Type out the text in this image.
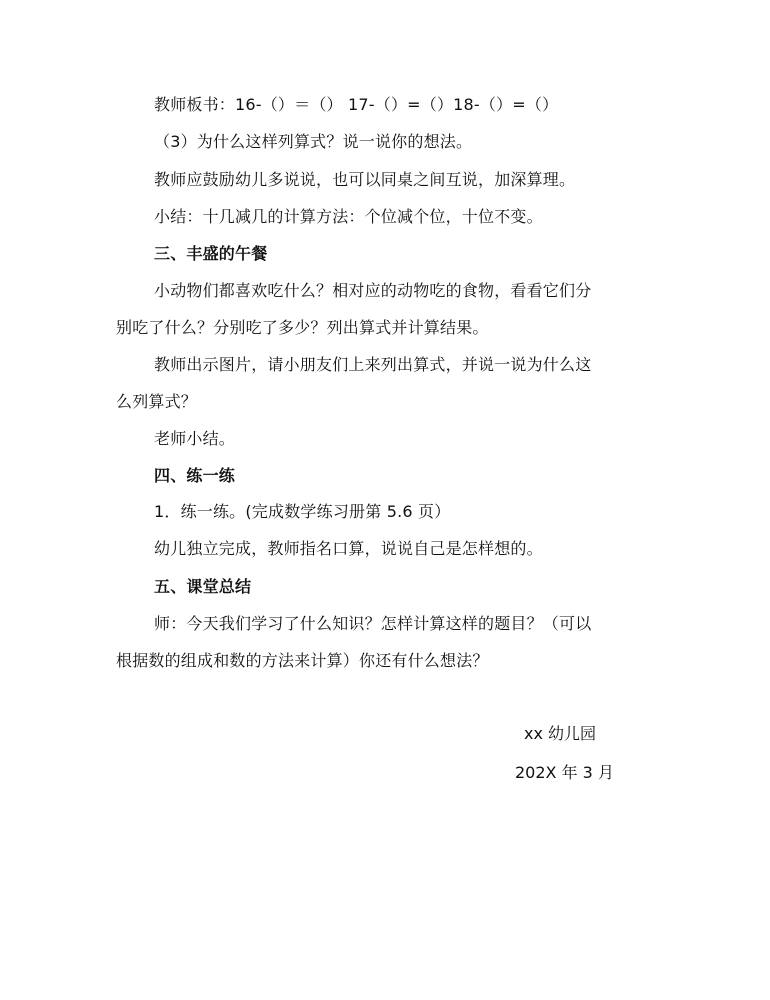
教师板书：16-（）＝（） 17-（）=（）18-（）=（）
（3）为什么这样列算式？说一说你的想法。
教师应鼓励幼儿多说说，也可以同桌之间互说，加深算理。
小结：十几减几的计算方法：个位减个位，十位不变。
三、丰盛的午餐
小动物们都喜欢吃什么？相对应的动物吃的食物，看看它们分
别吃了什么？分别吃了多少？列出算式并计算结果。
教师出示图片，请小朋友们上来列出算式，并说一说为什么这
么列算式？
老师小结。
四、练一练
1．练一练。(完成数学练习册第 5.6 页）
幼儿独立完成，教师指名口算，说说自己是怎样想的。
五、课堂总结
师：今天我们学习了什么知识？怎样计算这样的题目？（可以
根据数的组成和数的方法来计算）你还有什么想法？
xx 幼儿园
202X 年 3 月
